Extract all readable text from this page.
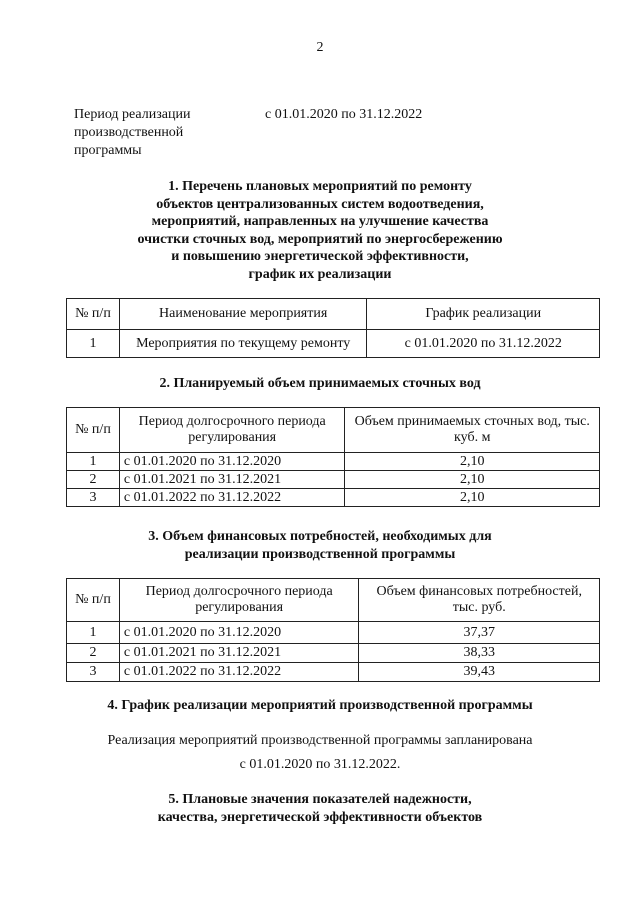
2
Период реализации
производственной
программы
с 01.01.2020 по 31.12.2022
1. Перечень плановых мероприятий по ремонту
объектов централизованных систем водоотведения,
мероприятий, направленных на улучшение качества
очистки сточных вод, мероприятий по энергосбережению
и повышению энергетической эффективности,
график их реализации
№ п/п	Наименование мероприятия	График реализации
1	Мероприятия по текущему ремонту	с 01.01.2020 по 31.12.2022
2. Планируемый объем принимаемых сточных вод
№ п/п	Период долгосрочного периода регулирования	Объем принимаемых сточных вод, тыс. куб. м
1	с 01.01.2020 по 31.12.2020	2,10
2	с 01.01.2021 по 31.12.2021	2,10
3	с 01.01.2022 по 31.12.2022	2,10
3. Объем финансовых потребностей, необходимых для
реализации производственной программы
№ п/п	Период долгосрочного периода регулирования	Объем финансовых потребностей, тыс. руб.
1	с 01.01.2020 по 31.12.2020	37,37
2	с 01.01.2021 по 31.12.2021	38,33
3	с 01.01.2022 по 31.12.2022	39,43
4. График реализации мероприятий производственной программы
Реализация мероприятий производственной программы запланирована
с 01.01.2020 по 31.12.2022.
5. Плановые значения показателей надежности,
качества, энергетической эффективности объектов
